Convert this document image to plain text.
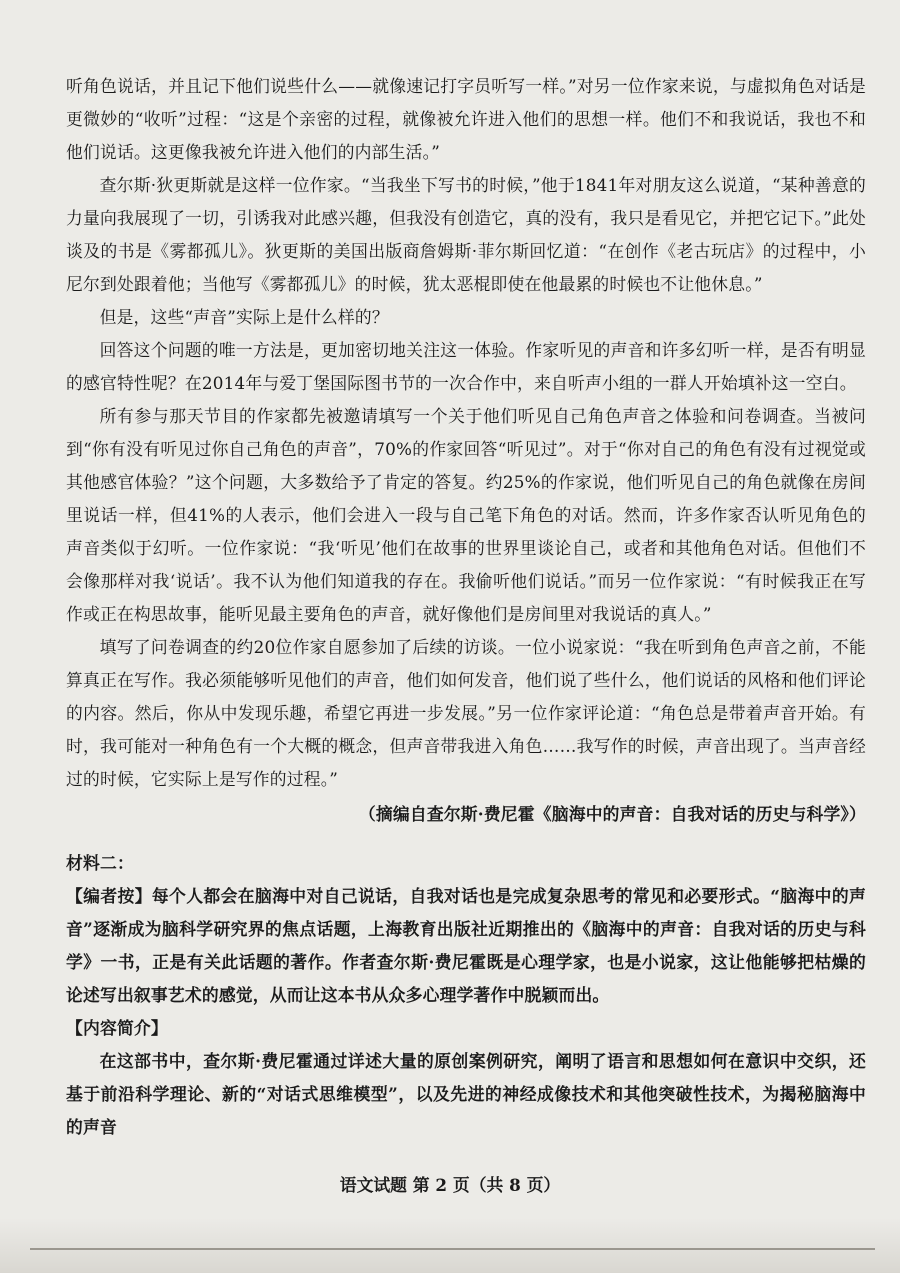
听角色说话，并且记下他们说些什么——就像速记打字员听写一样。”对另一位作家来说，与虚拟角色对话是更微妙的“收听”过程：“这是个亲密的过程，就像被允许进入他们的思想一样。他们不和我说话，我也不和他们说话。这更像我被允许进入他们的内部生活。”

查尔斯·狄更斯就是这样一位作家。“当我坐下写书的时候，”他于1841年对朋友这么说道，“某种善意的力量向我展现了一切，引诱我对此感兴趣，但我没有创造它，真的没有，我只是看见它，并把它记下。”此处谈及的书是《雾都孤儿》。狄更斯的美国出版商詹姆斯·菲尔斯回忆道：“在创作《老古玩店》的过程中，小尼尔到处跟着他；当他写《雾都孤儿》的时候，犹太恶棍即使在他最累的时候也不让他休息。”

但是，这些“声音”实际上是什么样的？

回答这个问题的唯一方法是，更加密切地关注这一体验。作家听见的声音和许多幻听一样，是否有明显的感官特性呢？在2014年与爱丁堡国际图书节的一次合作中，来自听声小组的一群人开始填补这一空白。

所有参与那天节目的作家都先被邀请填写一个关于他们听见自己角色声音之体验和问卷调查。当被问到“你有没有听见过你自己角色的声音”，70%的作家回答“听见过”。对于“你对自己的角色有没有过视觉或其他感官体验？”这个问题，大多数给予了肯定的答复。约25%的作家说，他们听见自己的角色就像在房间里说话一样，但41%的人表示，他们会进入一段与自己笔下角色的对话。然而，许多作家否认听见角色的声音类似于幻听。一位作家说：“我‘听见’他们在故事的世界里谈论自己，或者和其他角色对话。但他们不会像那样对我‘说话’。我不认为他们知道我的存在。我偷听他们说话。”而另一位作家说：“有时候我正在写作或正在构思故事，能听见最主要角色的声音，就好像他们是房间里对我说话的真人。”

填写了问卷调查的约20位作家自愿参加了后续的访谈。一位小说家说：“我在听到角色声音之前，不能算真正在写作。我必须能够听见他们的声音，他们如何发音，他们说了些什么，他们说话的风格和他们评论的内容。然后，你从中发现乐趣，希望它再进一步发展。”另一位作家评论道：“角色总是带着声音开始。有时，我可能对一种角色有一个大概的概念，但声音带我进入角色……我写作的时候，声音出现了。当声音经过的时候，它实际上是写作的过程。”

（摘编自查尔斯·费尼霍《脑海中的声音：自我对话的历史与科学》）

材料二：

【编者按】每个人都会在脑海中对自己说话，自我对话也是完成复杂思考的常见和必要形式。“脑海中的声音”逐渐成为脑科学研究界的焦点话题，上海教育出版社近期推出的《脑海中的声音：自我对话的历史与科学》一书，正是有关此话题的著作。作者查尔斯·费尼霍既是心理学家，也是小说家，这让他能够把枯燥的论述写出叙事艺术的感觉，从而让这本书从众多心理学著作中脱颖而出。

【内容简介】

在这部书中，查尔斯·费尼霍通过详述大量的原创案例研究，阐明了语言和思想如何在意识中交织，还基于前沿科学理论、新的“对话式思维模型”，以及先进的神经成像技术和其他突破性技术，为揭秘脑海中的声音

语文试题 第 2 页（共 8 页）
